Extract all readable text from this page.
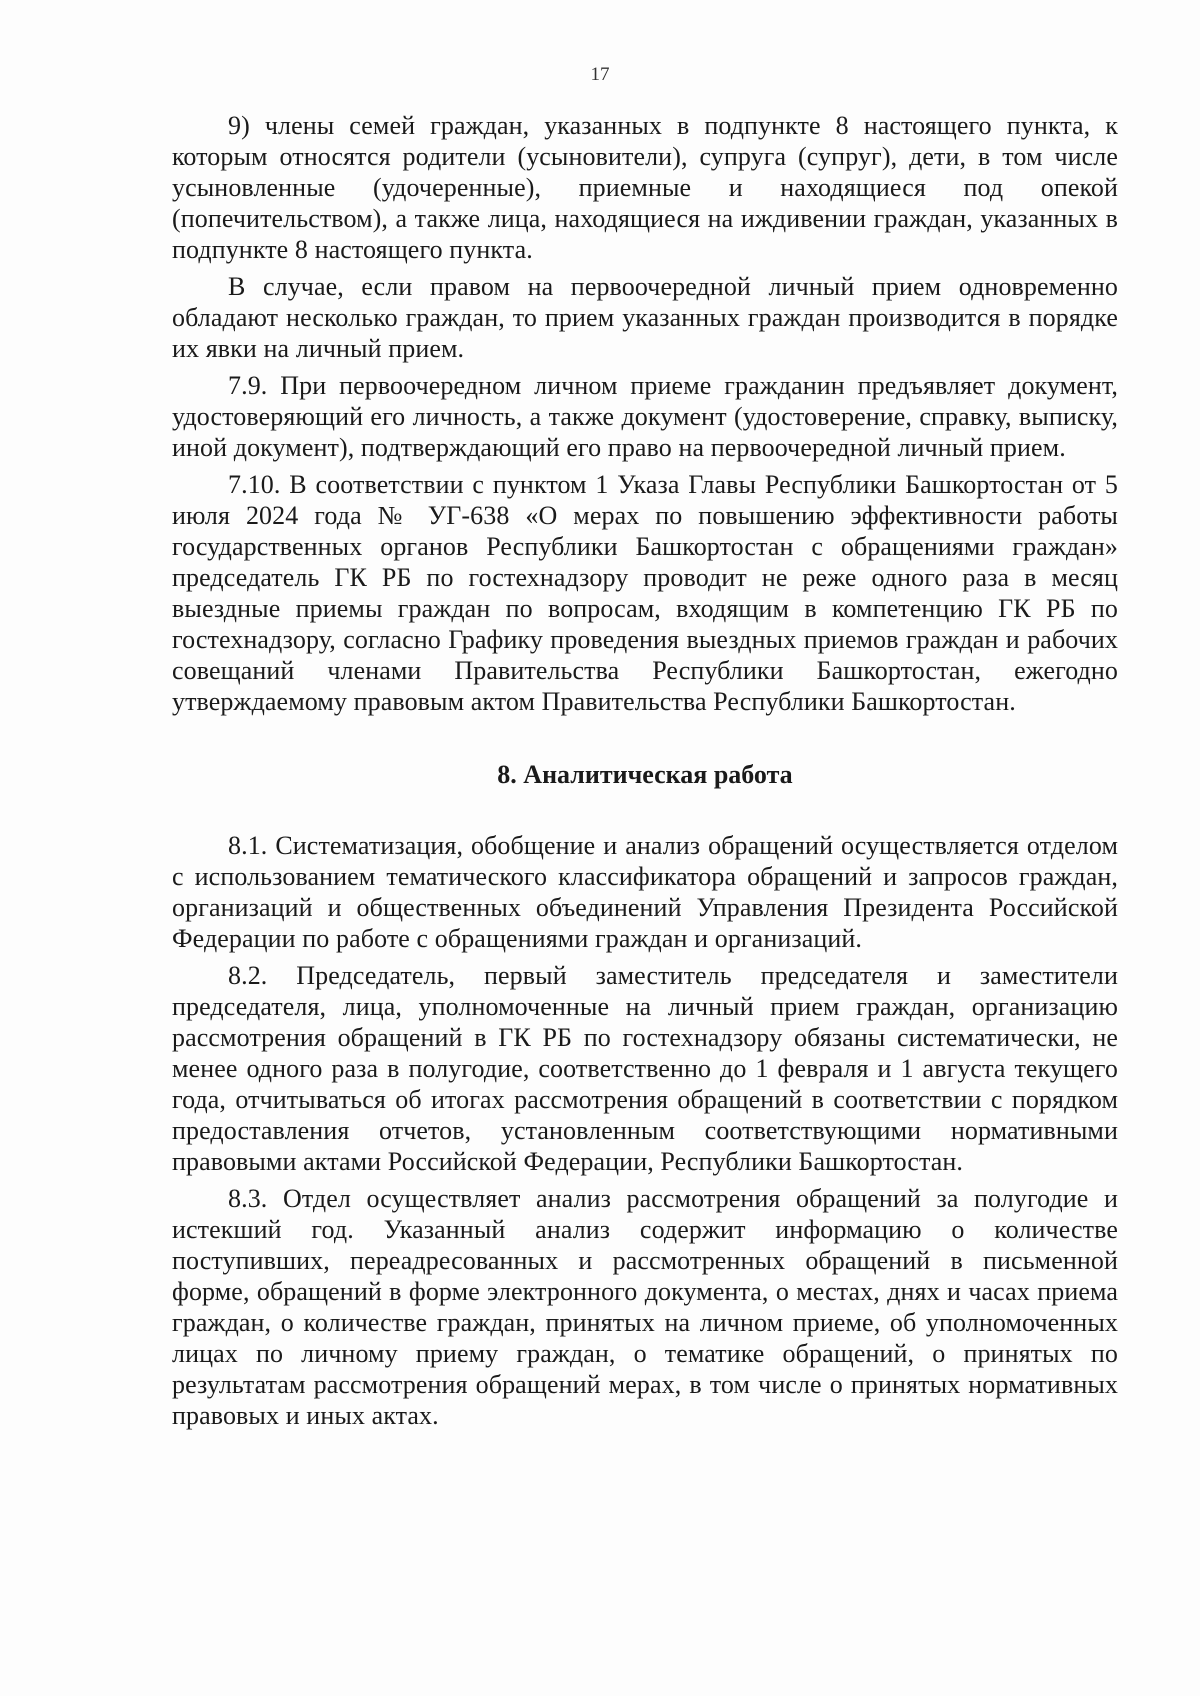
17

9) члены семей граждан, указанных в подпункте 8 настоящего пункта, к которым относятся родители (усыновители), супруга (супруг), дети, в том числе усыновленные (удочеренные), приемные и находящиеся под опекой (попечительством), а также лица, находящиеся на иждивении граждан, указанных в подпункте 8 настоящего пункта.

В случае, если правом на первоочередной личный прием одновременно обладают несколько граждан, то прием указанных граждан производится в порядке их явки на личный прием.

7.9. При первоочередном личном приеме гражданин предъявляет документ, удостоверяющий его личность, а также документ (удостоверение, справку, выписку, иной документ), подтверждающий его право на первоочередной личный прием.

7.10. В соответствии с пунктом 1 Указа Главы Республики Башкортостан от 5 июля 2024 года № УГ-638 «О мерах по повышению эффективности работы государственных органов Республики Башкортостан с обращениями граждан» председатель ГК РБ по гостехнадзору проводит не реже одного раза в месяц выездные приемы граждан по вопросам, входящим в компетенцию ГК РБ по гостехнадзору, согласно Графику проведения выездных приемов граждан и рабочих совещаний членами Правительства Республики Башкортостан, ежегодно утверждаемому правовым актом Правительства Республики Башкортостан.

8. Аналитическая работа

8.1. Систематизация, обобщение и анализ обращений осуществляется отделом с использованием тематического классификатора обращений и запросов граждан, организаций и общественных объединений Управления Президента Российской Федерации по работе с обращениями граждан и организаций.

8.2. Председатель, первый заместитель председателя и заместители председателя, лица, уполномоченные на личный прием граждан, организацию рассмотрения обращений в ГК РБ по гостехнадзору обязаны систематически, не менее одного раза в полугодие, соответственно до 1 февраля и 1 августа текущего года, отчитываться об итогах рассмотрения обращений в соответствии с порядком предоставления отчетов, установленным соответствующими нормативными правовыми актами Российской Федерации, Республики Башкортостан.

8.3. Отдел осуществляет анализ рассмотрения обращений за полугодие и истекший год. Указанный анализ содержит информацию о количестве поступивших, переадресованных и рассмотренных обращений в письменной форме, обращений в форме электронного документа, о местах, днях и часах приема граждан, о количестве граждан, принятых на личном приеме, об уполномоченных лицах по личному приему граждан, о тематике обращений, о принятых по результатам рассмотрения обращений мерах, в том числе о принятых нормативных правовых и иных актах.
